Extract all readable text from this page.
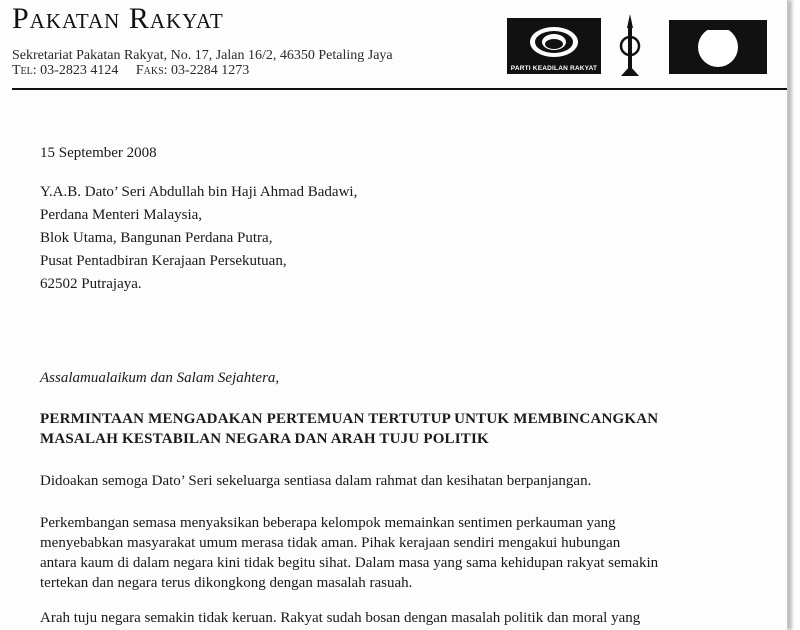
Pakatan Rakyat
Sekretariat Pakatan Rakyat, No. 17, Jalan 16/2, 46350 Petaling Jaya
Tel: 03-2823 4124 Faks: 03-2284 1273	PARTI KEADILAN RAKYAT
15 September 2008
Y.A.B. Dato’ Seri Abdullah bin Haji Ahmad Badawi,
Perdana Menteri Malaysia,
Blok Utama, Bangunan Perdana Putra,
Pusat Pentadbiran Kerajaan Persekutuan,
62502 Putrajaya.
Assalamualaikum dan Salam Sejahtera,
PERMINTAAN MENGADAKAN PERTEMUAN TERTUTUP UNTUK MEMBINCANGKAN
MASALAH KESTABILAN NEGARA DAN ARAH TUJU POLITIK
Didoakan semoga Dato’ Seri sekeluarga sentiasa dalam rahmat dan kesihatan berpanjangan.
Perkembangan semasa menyaksikan beberapa kelompok memainkan sentimen perkauman yang
menyebabkan masyarakat umum merasa tidak aman. Pihak kerajaan sendiri mengakui hubungan
antara kaum di dalam negara kini tidak begitu sihat. Dalam masa yang sama kehidupan rakyat semakin
tertekan dan negara terus dikongkong dengan masalah rasuah.
Arah tuju negara semakin tidak keruan. Rakyat sudah bosan dengan masalah politik dan moral yang
